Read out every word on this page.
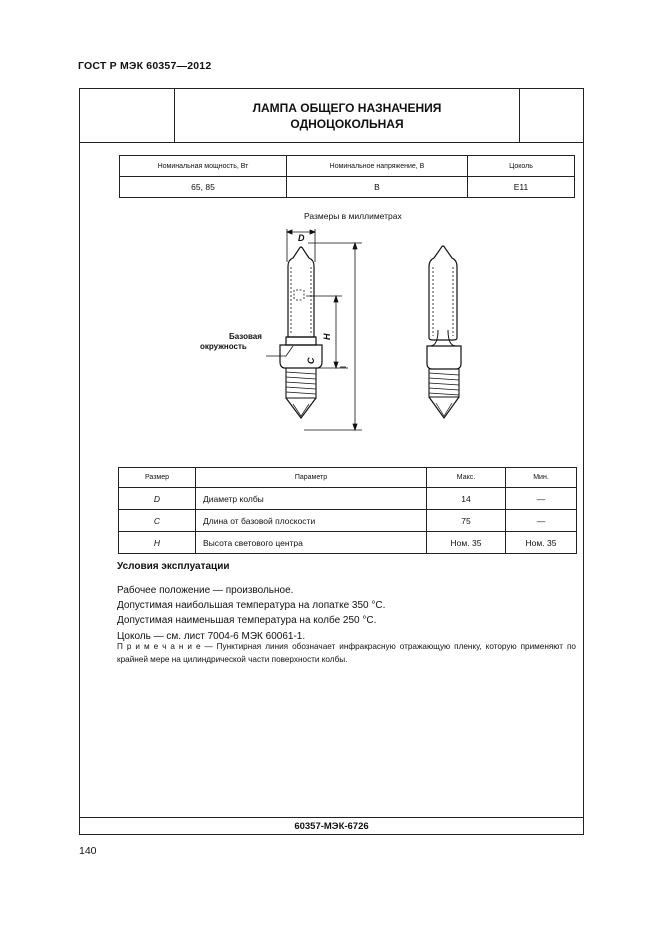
ГОСТ Р МЭК 60357—2012
ЛАМПА ОБЩЕГО НАЗНАЧЕНИЯ
ОДНОЦОКОЛЬНАЯ
Номинальная мощность, Вт	Номинальное напряжение, В	Цоколь
65, 85	В	Е11
Размеры в миллиметрах
D
H
C
Базовая
окружность
Размер	Параметр	Макс.	Мин.
D	Диаметр колбы	14	—
C	Длина от базовой плоскости	75	—
H	Высота светового центра	Ном. 35	Ном. 35
Условия эксплуатации
Рабочее положение — произвольное.
Допустимая наибольшая температура на лопатке 350 °С.
Допустимая наименьшая температура на колбе 250 °С.
Цоколь — см. лист 7004-6 МЭК 60061-1.
П р и м е ч а н и е — Пунктирная линия обозначает инфракрасную отражающую пленку, которую применяют по крайней мере на цилиндрической части поверхности колбы.
60357-МЭК-6726
140
